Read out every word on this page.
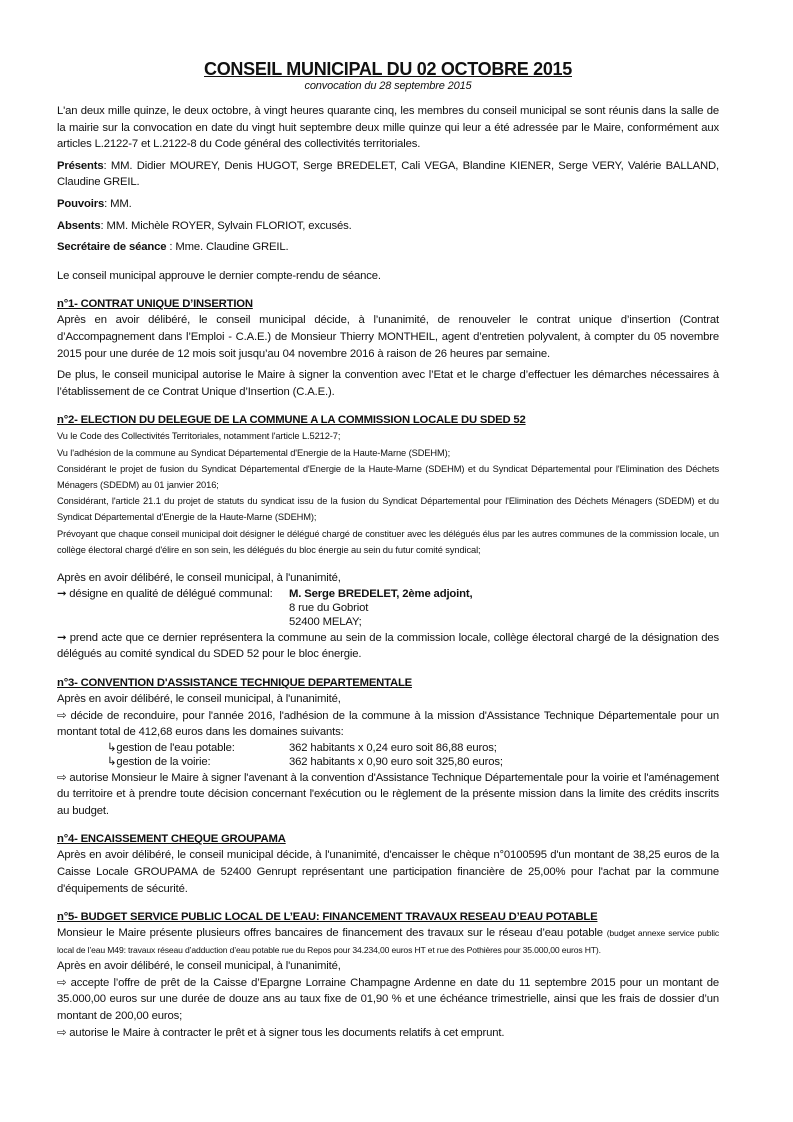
CONSEIL MUNICIPAL DU 02 OCTOBRE 2015

convocation du 28 septembre 2015

L'an deux mille quinze, le deux octobre, à vingt heures quarante cinq, les membres du conseil municipal se sont réunis dans la salle de la mairie sur la convocation en date du vingt huit septembre deux mille quinze qui leur a été adressée par le Maire, conformément aux articles L.2122-7 et L.2122-8 du Code général des collectivités territoriales.

Présents: MM. Didier MOUREY, Denis HUGOT, Serge BREDELET, Cali VEGA, Blandine KIENER, Serge VERY, Valérie BALLAND, Claudine GREIL.

Pouvoirs: MM.

Absents: MM. Michèle ROYER, Sylvain FLORIOT, excusés.

Secrétaire de séance : Mme. Claudine GREIL.

Le conseil municipal approuve le dernier compte-rendu de séance.

n°1- CONTRAT UNIQUE D’INSERTION

Après en avoir délibéré, le conseil municipal décide, à l’unanimité, de renouveler le contrat unique d’insertion (Contrat d’Accompagnement dans l’Emploi - C.A.E.) de Monsieur Thierry MONTHEIL, agent d’entretien polyvalent, à compter du 05 novembre 2015 pour une durée de 12 mois soit jusqu’au 04 novembre 2016 à raison de 26 heures par semaine.

De plus, le conseil municipal autorise le Maire à signer la convention avec l’Etat et le charge d’effectuer les démarches nécessaires à l’établissement de ce Contrat Unique d’Insertion (C.A.E.).

n°2- ELECTION DU DELEGUE DE LA COMMUNE A LA COMMISSION LOCALE DU SDED 52

Vu le Code des Collectivités Territoriales, notamment l'article L.5212-7;

Vu l'adhésion de la commune au Syndicat Départemental d'Energie de la Haute-Marne (SDEHM);

Considérant le projet de fusion du Syndicat Départemental d'Energie de la Haute-Marne (SDEHM) et du Syndicat Départemental pour l'Elimination des Déchets Ménagers (SDEDM) au 01 janvier 2016;

Considérant, l'article 21.1 du projet de statuts du syndicat issu de la fusion du Syndicat Départemental pour l'Elimination des Déchets Ménagers (SDEDM) et du Syndicat Départemental d'Energie de la Haute-Marne (SDEHM);

Prévoyant que chaque conseil municipal doit désigner le délégué chargé de constituer avec les délégués élus par les autres communes de la commission locale, un collège électoral chargé d'élire en son sein, les délégués du bloc énergie au sein du futur comité syndical;

Après en avoir délibéré, le conseil municipal, à l'unanimité,

➞ désigne en qualité de délégué communal:	M. Serge BREDELET, 2ème adjoint,
8 rue du Gobriot
52400 MELAY;

➞ prend acte que ce dernier représentera la commune au sein de la commission locale, collège électoral chargé de la désignation des délégués au comité syndical du SDED 52 pour le bloc énergie.

n°3- CONVENTION D'ASSISTANCE TECHNIQUE DEPARTEMENTALE

Après en avoir délibéré, le conseil municipal, à l'unanimité,

⇨ décide de reconduire, pour l'année 2016, l'adhésion de la commune à la mission d'Assistance Technique Départementale pour un montant total de 412,68 euros dans les domaines suivants:

↳gestion de l'eau potable:	362 habitants x 0,24 euro soit 86,88 euros;
↳gestion de la voirie:	362 habitants x 0,90 euro soit 325,80 euros;

⇨ autorise Monsieur le Maire à signer l'avenant à la convention d'Assistance Technique Départementale pour la voirie et l'aménagement du territoire et à prendre toute décision concernant l'exécution ou le règlement de la présente mission dans la limite des crédits inscrits au budget.

n°4- ENCAISSEMENT CHEQUE GROUPAMA

Après en avoir délibéré, le conseil municipal décide, à l'unanimité, d'encaisser le chèque n°0100595 d'un montant de 38,25 euros de la Caisse Locale GROUPAMA de 52400 Genrupt représentant une participation financière de 25,00% pour l'achat par la commune d'équipements de sécurité.

n°5- BUDGET SERVICE PUBLIC LOCAL DE L’EAU: FINANCEMENT TRAVAUX RESEAU D’EAU POTABLE

Monsieur le Maire présente plusieurs offres bancaires de financement des travaux sur le réseau d’eau potable (budget annexe service public local de l’eau M49: travaux réseau d’adduction d’eau potable rue du Repos pour 34.234,00 euros HT et rue des Pothières pour 35.000,00 euros HT).

Après en avoir délibéré, le conseil municipal, à l'unanimité,

⇨ accepte l’offre de prêt de la Caisse d’Epargne Lorraine Champagne Ardenne en date du 11 septembre 2015 pour un montant de 35.000,00 euros sur une durée de douze ans au taux fixe de 01,90 % et une échéance trimestrielle, ainsi que les frais de dossier d’un montant de 200,00 euros;

⇨ autorise le Maire à contracter le prêt et à signer tous les documents relatifs à cet emprunt.
